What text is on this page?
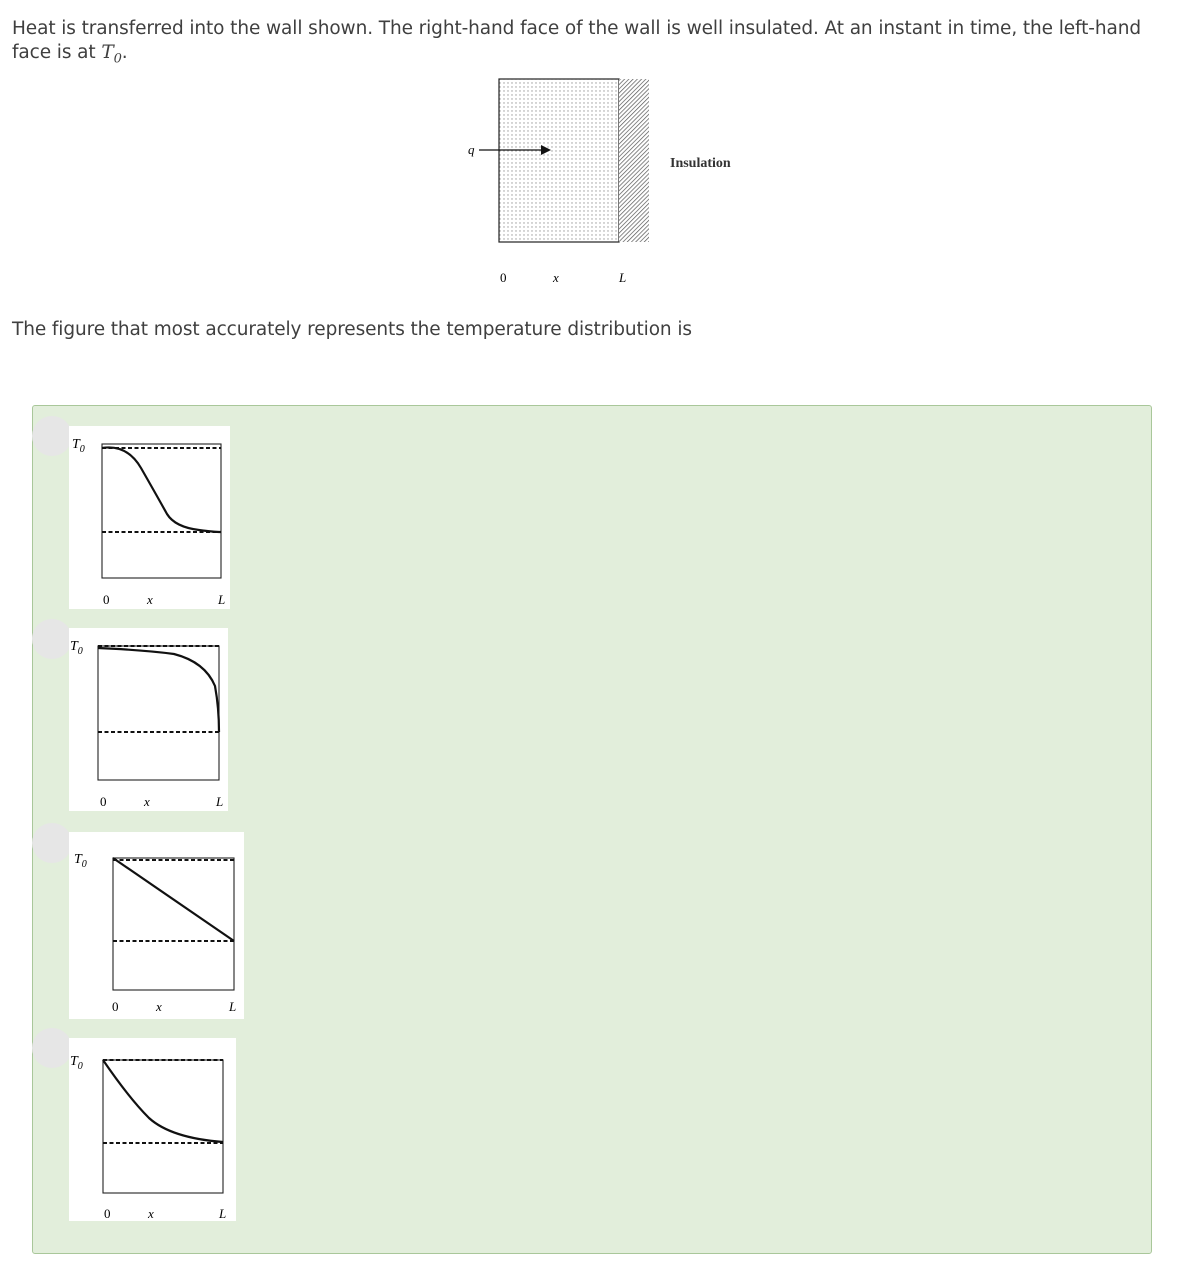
Heat is transferred into the wall shown. The right-hand face of the wall is well insulated. At an instant in time, the left-hand face is at $T_0$.
q
Insulation
0	x	L
The figure that most accurately represents the temperature distribution is
$T_0$
0	x	L
$T_0$
0	x	L
$T_0$
0	x	L
$T_0$
0	x	L
